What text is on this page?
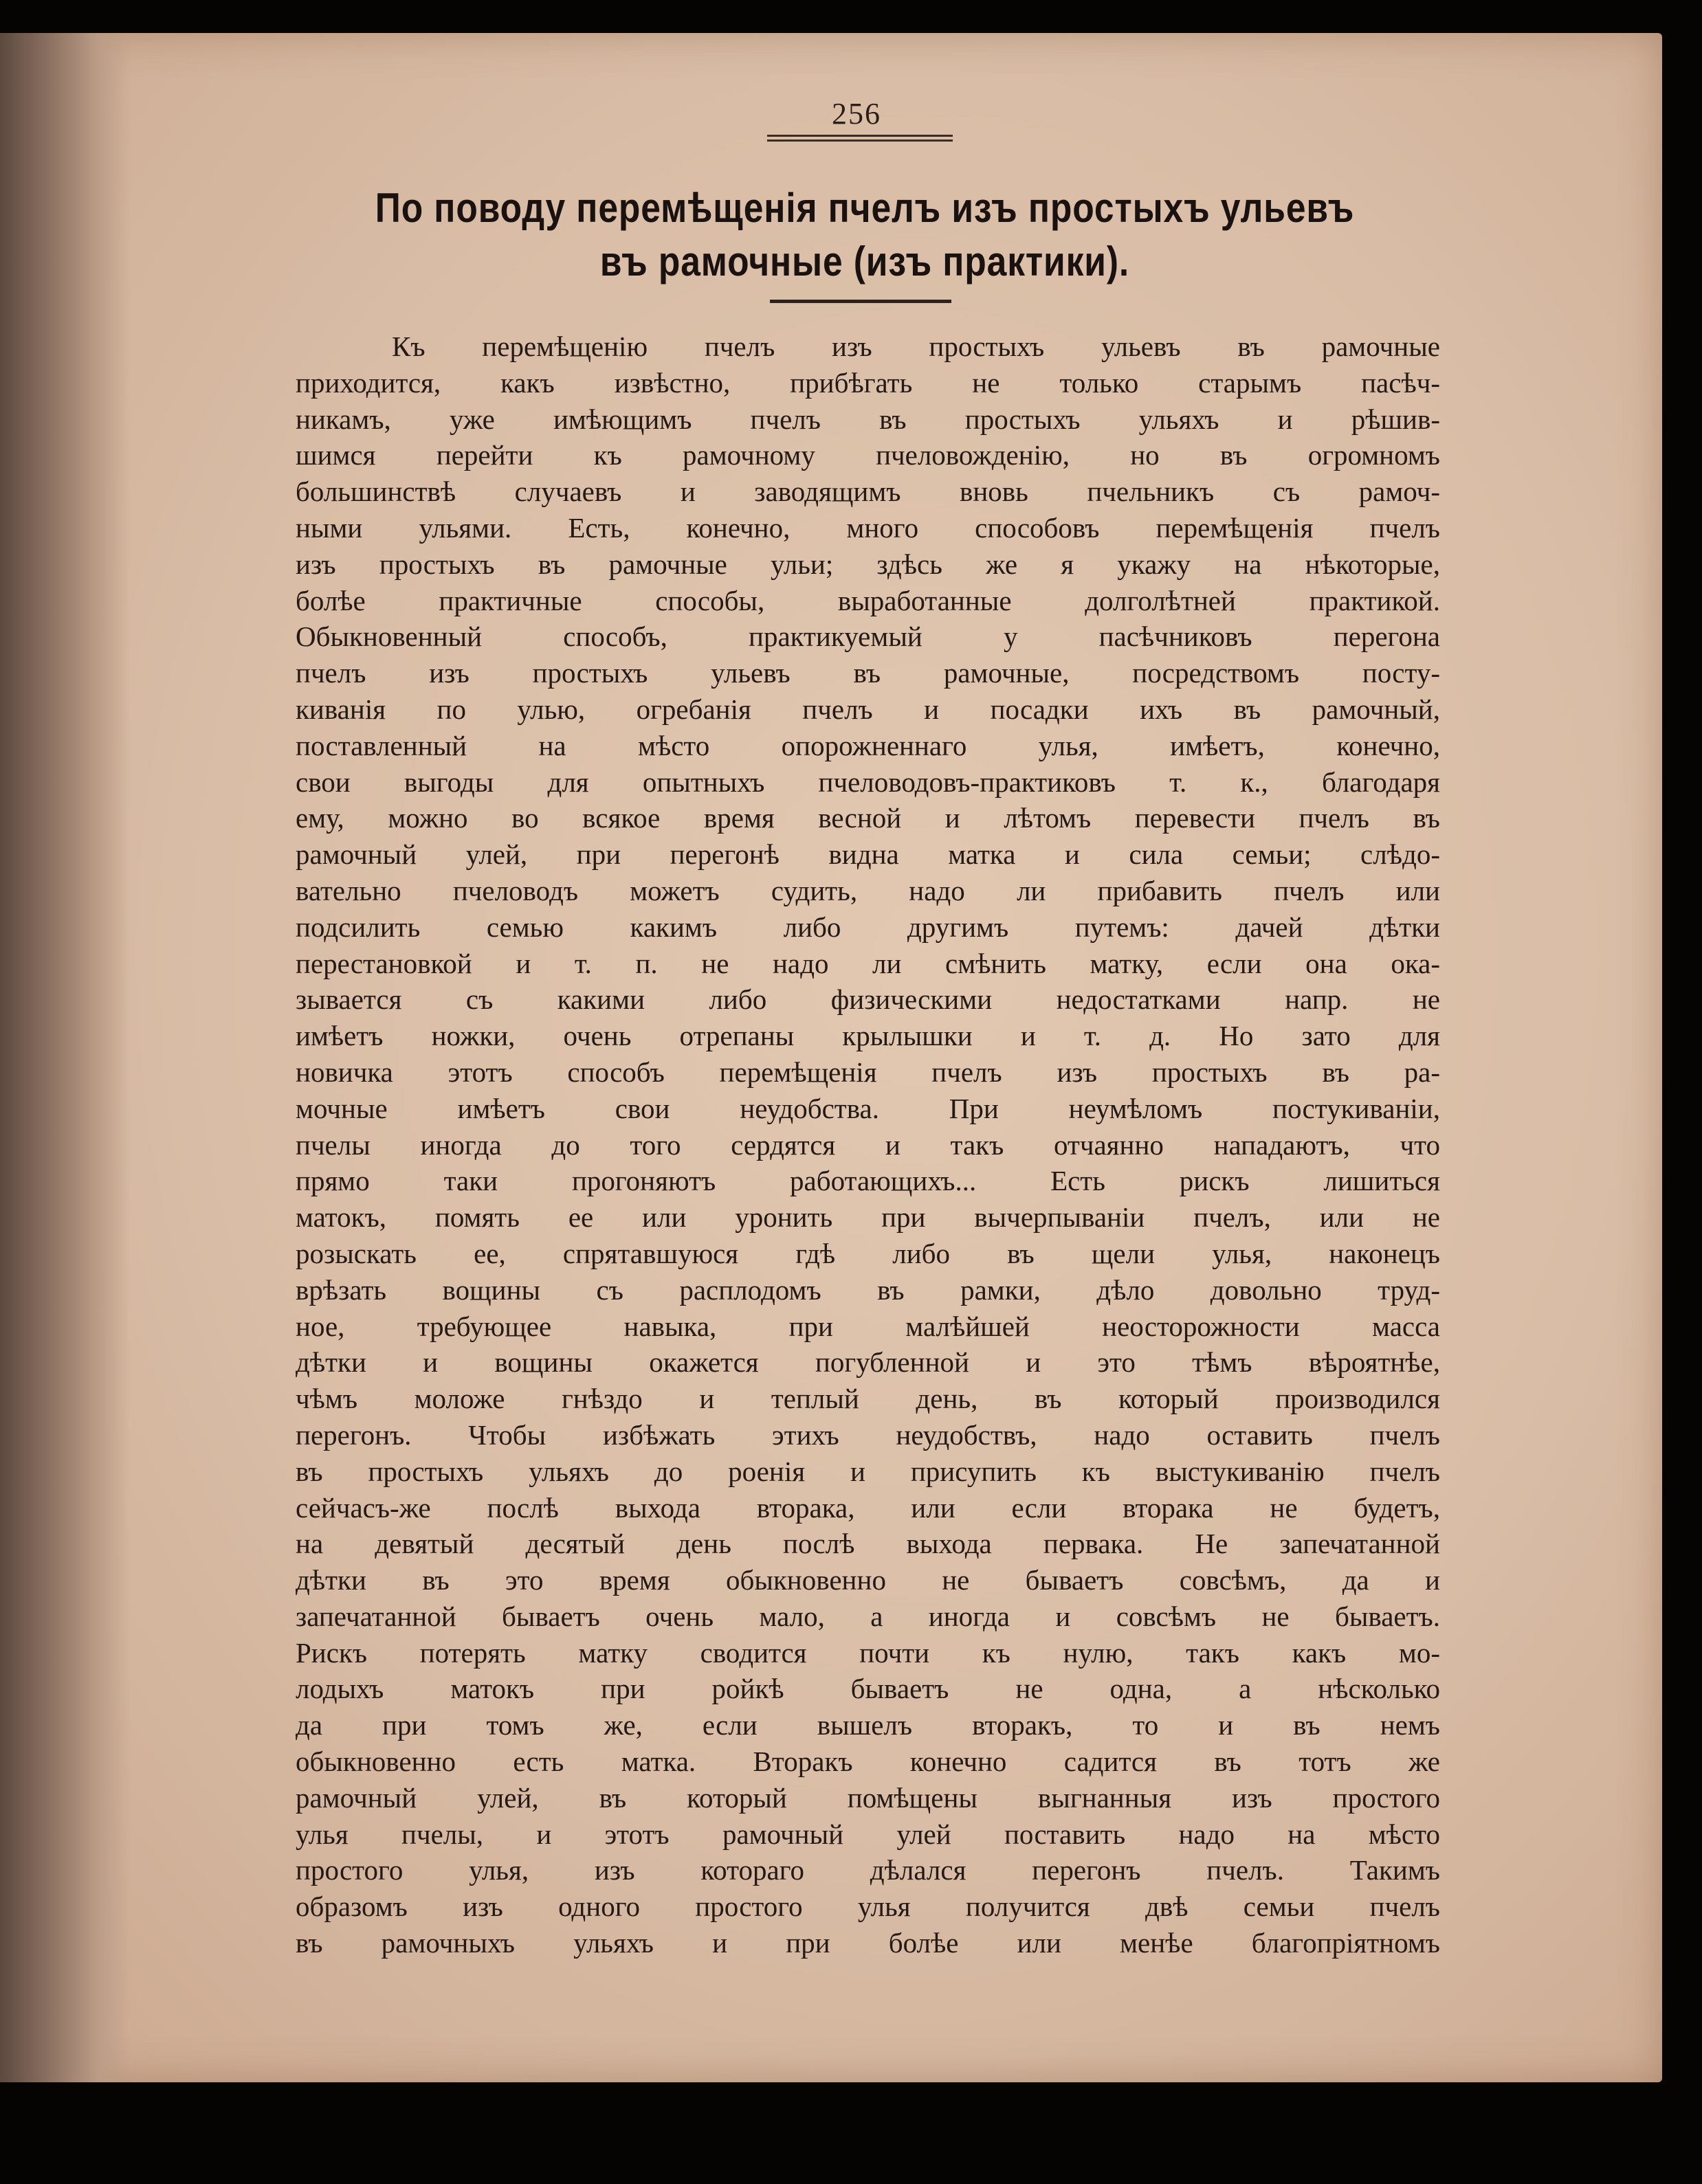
256
По поводу перемѣщенія пчелъ изъ простыхъ ульевъ
въ рамочные (изъ практики).
Къ перемѣщенію пчелъ изъ простыхъ ульевъ въ рамочные
приходится, какъ извѣстно, прибѣгать не только старымъ пасѣч-
никамъ, уже имѣющимъ пчелъ въ простыхъ ульяхъ и рѣшив-
шимся перейти къ рамочному пчеловожденію, но въ огромномъ
большинствѣ случаевъ и заводящимъ вновь пчельникъ съ рамоч-
ными ульями. Есть, конечно, много способовъ перемѣщенія пчелъ
изъ простыхъ въ рамочные ульи; здѣсь же я укажу на нѣкоторые,
болѣе практичные способы, выработанные долголѣтней практикой.
Обыкновенный способъ, практикуемый у пасѣчниковъ перегона
пчелъ изъ простыхъ ульевъ въ рамочные, посредствомъ посту-
киванія по улью, огребанія пчелъ и посадки ихъ въ рамочный,
поставленный на мѣсто опорожненнаго улья, имѣетъ, конечно,
свои выгоды для опытныхъ пчеловодовъ-практиковъ т. к., благодаря
ему, можно во всякое время весной и лѣтомъ перевести пчелъ въ
рамочный улей, при перегонѣ видна матка и сила семьи; слѣдо-
вательно пчеловодъ можетъ судить, надо ли прибавить пчелъ или
подсилить семью какимъ либо другимъ путемъ: дачей дѣтки
перестановкой и т. п. не надо ли смѣнить матку, если она ока-
зывается съ какими либо физическими недостатками напр. не
имѣетъ ножки, очень отрепаны крылышки и т. д. Но зато для
новичка этотъ способъ перемѣщенія пчелъ изъ простыхъ въ ра-
мочные имѣетъ свои неудобства. При неумѣломъ постукиваніи,
пчелы иногда до того сердятся и такъ отчаянно нападаютъ, что
прямо таки прогоняютъ работающихъ... Есть рискъ лишиться
матокъ, помять ее или уронить при вычерпываніи пчелъ, или не
розыскать ее, спрятавшуюся гдѣ либо въ щели улья, наконецъ
врѣзать вощины съ расплодомъ въ рамки, дѣло довольно труд-
ное, требующее навыка, при малѣйшей неосторожности масса
дѣтки и вощины окажется погубленной и это тѣмъ вѣроятнѣе,
чѣмъ моложе гнѣздо и теплый день, въ который производился
перегонъ. Чтобы избѣжать этихъ неудобствъ, надо оставить пчелъ
въ простыхъ ульяхъ до роенія и присупить къ выстукиванію пчелъ
сейчасъ-же послѣ выхода вторака, или если вторака не будетъ,
на девятый десятый день послѣ выхода первака. Не запечатанной
дѣтки въ это время обыкновенно не бываетъ совсѣмъ, да и
запечатанной бываетъ очень мало, а иногда и совсѣмъ не бываетъ.
Рискъ потерять матку сводится почти къ нулю, такъ какъ мо-
лодыхъ матокъ при ройкѣ бываетъ не одна, а нѣсколько
да при томъ же, если вышелъ вторакъ, то и въ немъ
обыкновенно есть матка. Вторакъ конечно садится въ тотъ же
рамочный улей, въ который помѣщены выгнанныя изъ простого
улья пчелы, и этотъ рамочный улей поставить надо на мѣсто
простого улья, изъ котораго дѣлался перегонъ пчелъ. Такимъ
образомъ изъ одного простого улья получится двѣ семьи пчелъ
въ рамочныхъ ульяхъ и при болѣе или менѣе благопріятномъ
